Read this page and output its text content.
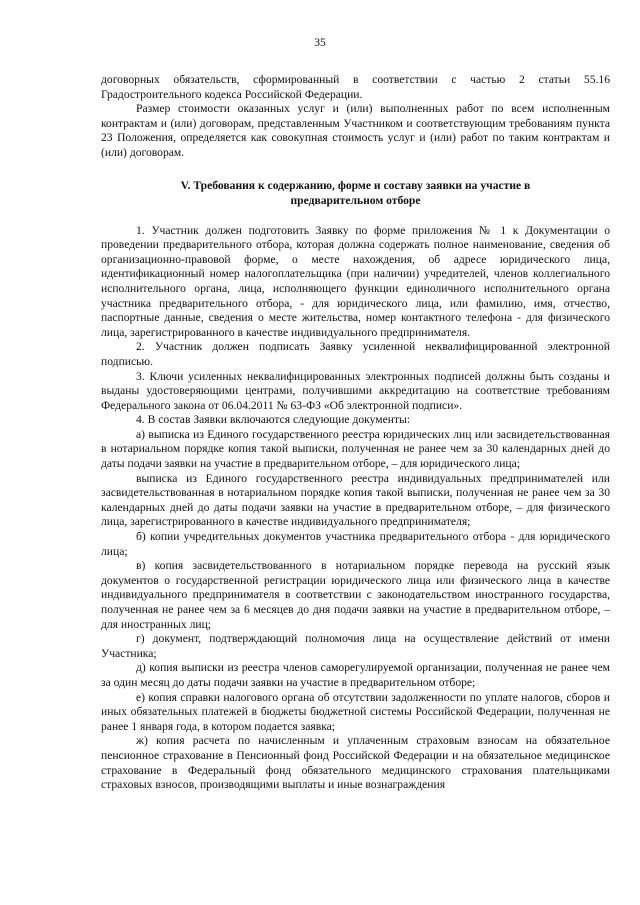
35

договорных обязательств, сформированный в соответствии с частью 2 статьи 55.16 Градостроительного кодекса Российской Федерации.

Размер стоимости оказанных услуг и (или) выполненных работ по всем исполненным контрактам и (или) договорам, представленным Участником и соответствующим требованиям пункта 23 Положения, определяется как совокупная стоимость услуг и (или) работ по таким контрактам и (или) договорам.

V. Требования к содержанию, форме и составу заявки на участие в предварительном отборе

1. Участник должен подготовить Заявку по форме приложения № 1 к Документации о проведении предварительного отбора, которая должна содержать полное наименование, сведения об организационно-правовой форме, о месте нахождения, об адресе юридического лица, идентификационный номер налогоплательщика (при наличии) учредителей, членов коллегиального исполнительного органа, лица, исполняющего функции единоличного исполнительного органа участника предварительного отбора, - для юридического лица, или фамилию, имя, отчество, паспортные данные, сведения о месте жительства, номер контактного телефона - для физического лица, зарегистрированного в качестве индивидуального предпринимателя.

2. Участник должен подписать Заявку усиленной неквалифицированной электронной подписью.

3. Ключи усиленных неквалифицированных электронных подписей должны быть созданы и выданы удостоверяющими центрами, получившими аккредитацию на соответствие требованиям Федерального закона от 06.04.2011 № 63-ФЗ «Об электронной подписи».

4. В состав Заявки включаются следующие документы:

а) выписка из Единого государственного реестра юридических лиц или засвидетельствованная в нотариальном порядке копия такой выписки, полученная не ранее чем за 30 календарных дней до даты подачи заявки на участие в предварительном отборе, – для юридического лица;

выписка из Единого государственного реестра индивидуальных предпринимателей или засвидетельствованная в нотариальном порядке копия такой выписки, полученная не ранее чем за 30 календарных дней до даты подачи заявки на участие в предварительном отборе, – для физического лица, зарегистрированного в качестве индивидуального предпринимателя;

б) копии учредительных документов участника предварительного отбора - для юридического лица;

в) копия засвидетельствованного в нотариальном порядке перевода на русский язык документов о государственной регистрации юридического лица или физического лица в качестве индивидуального предпринимателя в соответствии с законодательством иностранного государства, полученная не ранее чем за 6 месяцев до дня подачи заявки на участие в предварительном отборе, – для иностранных лиц;

г) документ, подтверждающий полномочия лица на осуществление действий от имени Участника;

д) копия выписки из реестра членов саморегулируемой организации, полученная не ранее чем за один месяц до даты подачи заявки на участие в предварительном отборе;

е) копия справки налогового органа об отсутствии задолженности по уплате налогов, сборов и иных обязательных платежей в бюджеты бюджетной системы Российской Федерации, полученная не ранее 1 января года, в котором подается заявка;

ж) копия расчета по начисленным и уплаченным страховым взносам на обязательное пенсионное страхование в Пенсионный фонд Российской Федерации и на обязательное медицинское страхование в Федеральный фонд обязательного медицинского страхования плательщиками страховых взносов, производящими выплаты и иные вознаграждения
